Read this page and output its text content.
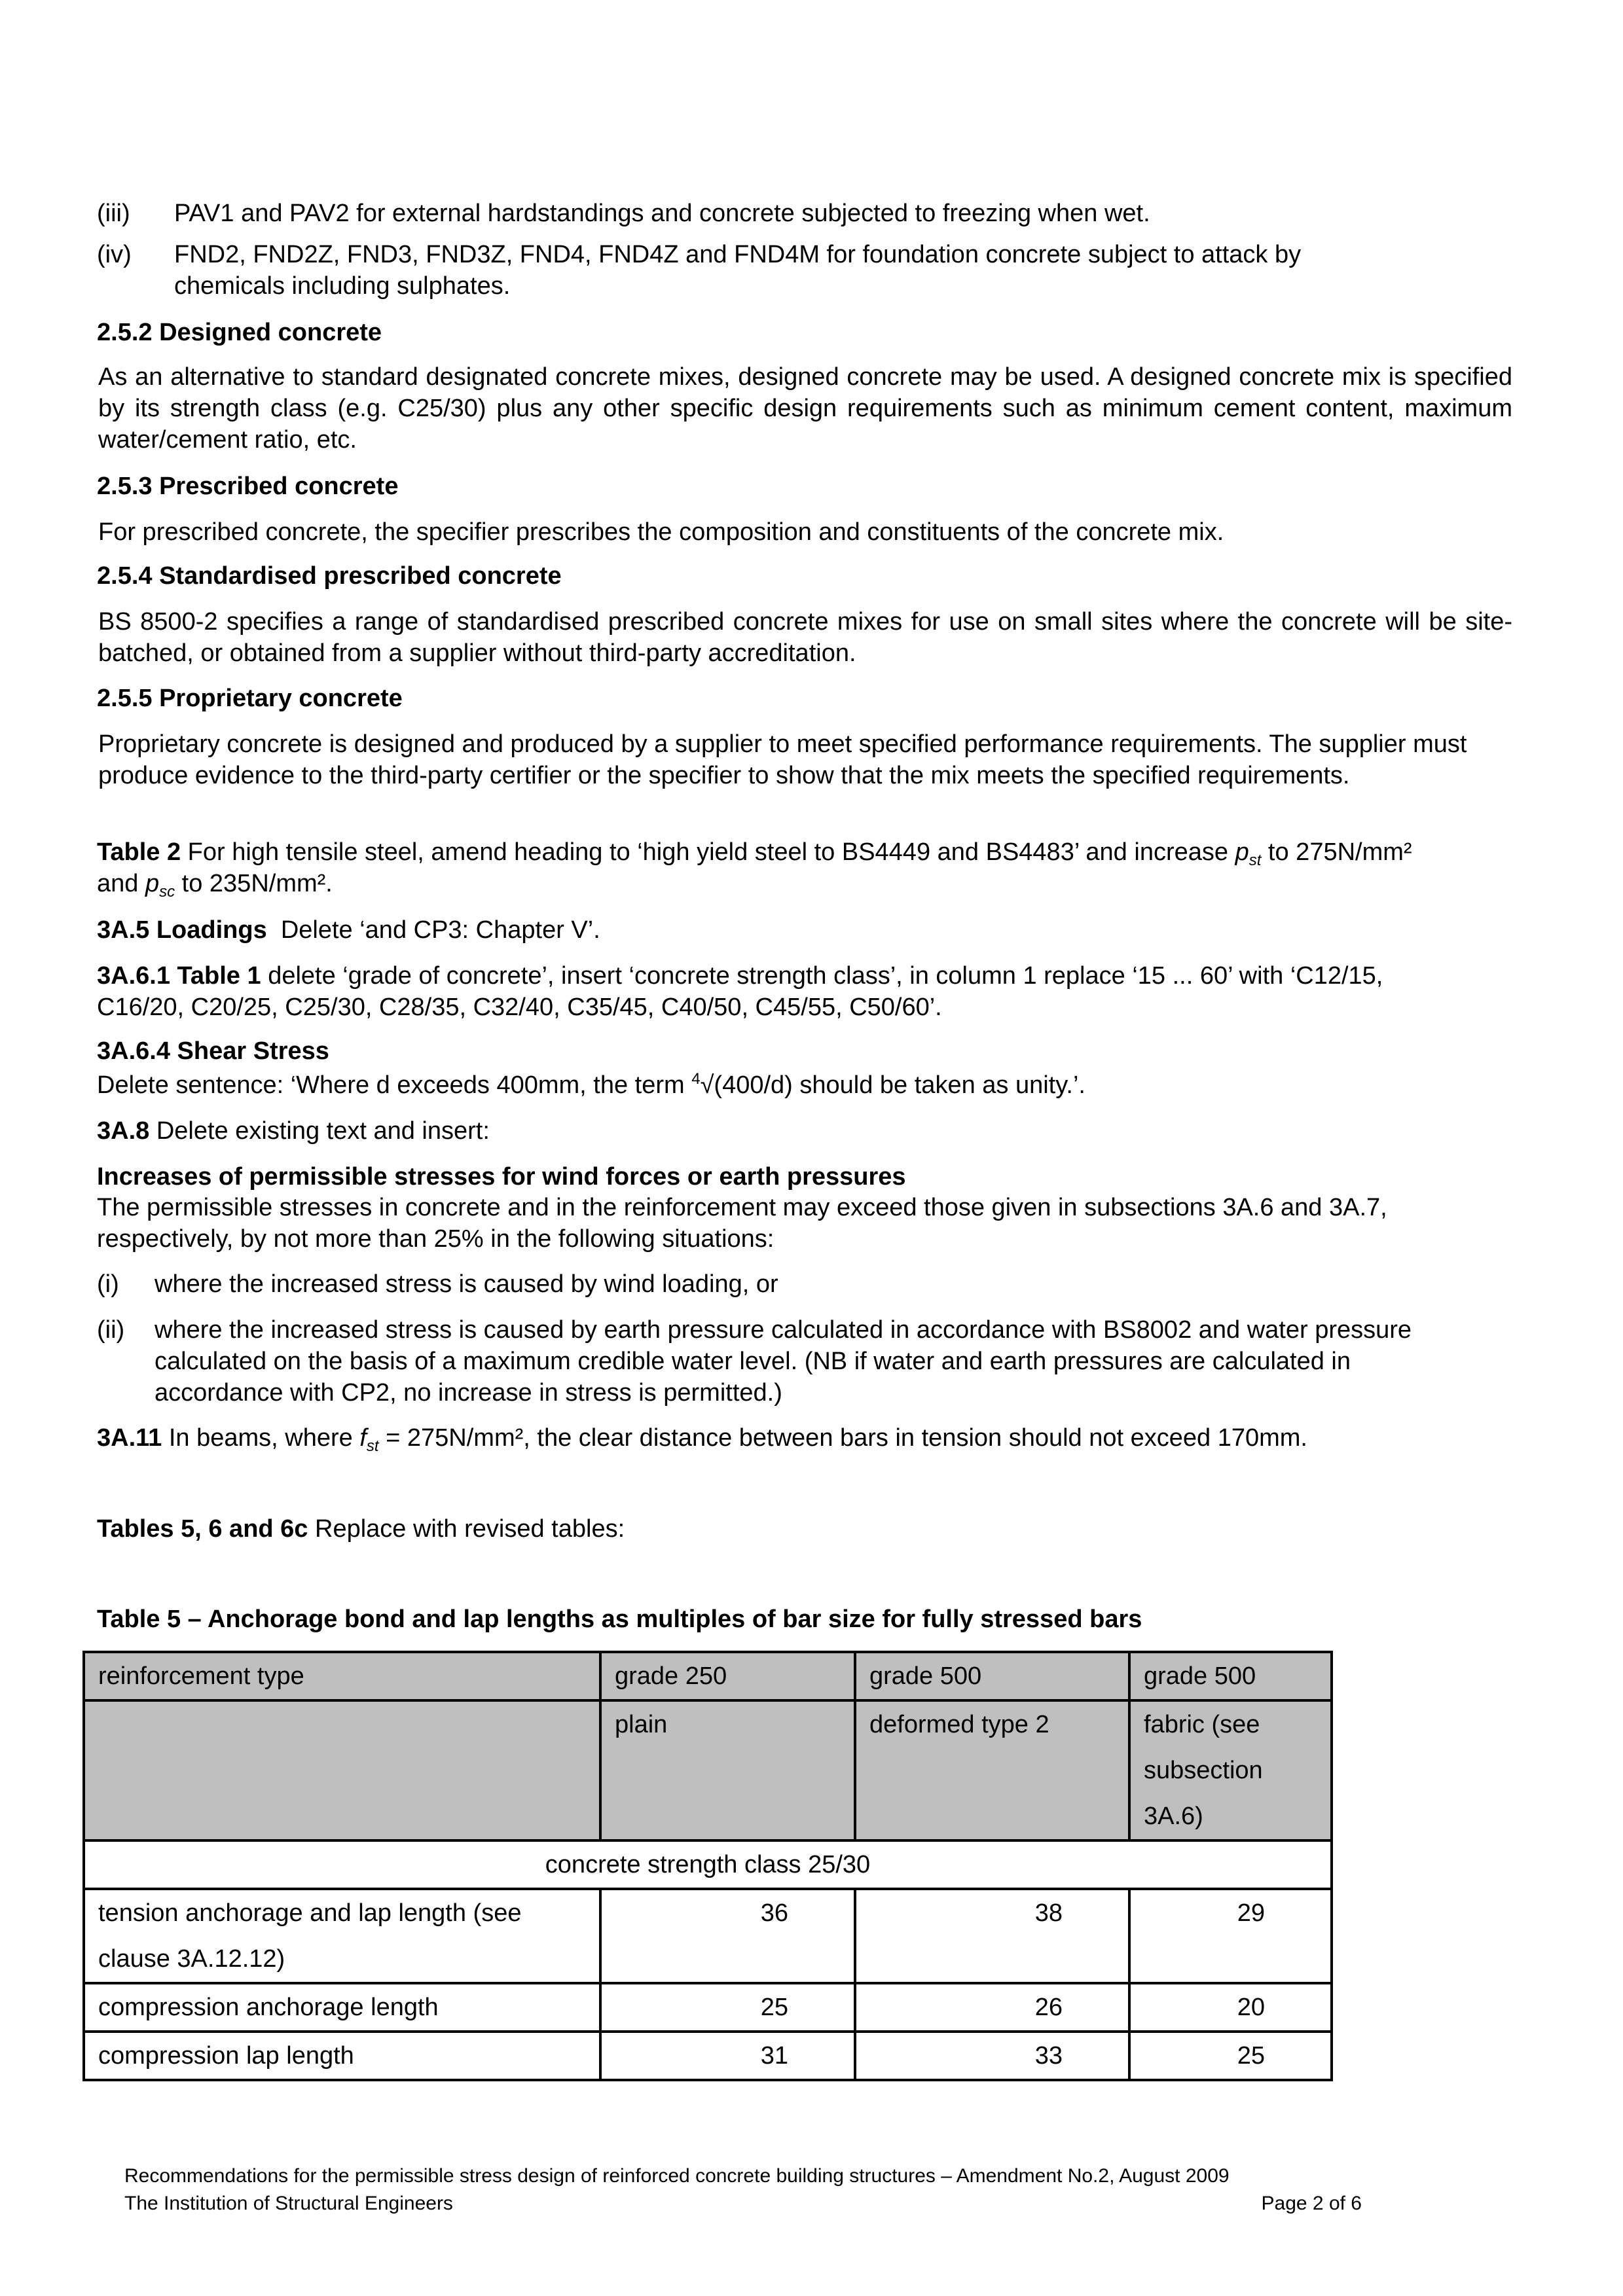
(iii) PAV1 and PAV2 for external hardstandings and concrete subjected to freezing when wet.
(iv) FND2, FND2Z, FND3, FND3Z, FND4, FND4Z and FND4M for foundation concrete subject to attack by chemicals including sulphates.
2.5.2 Designed concrete
As an alternative to standard designated concrete mixes, designed concrete may be used. A designed concrete mix is specified by its strength class (e.g. C25/30) plus any other specific design requirements such as minimum cement content, maximum water/cement ratio, etc.
2.5.3 Prescribed concrete
For prescribed concrete, the specifier prescribes the composition and constituents of the concrete mix.
2.5.4 Standardised prescribed concrete
BS 8500-2 specifies a range of standardised prescribed concrete mixes for use on small sites where the concrete will be site-batched, or obtained from a supplier without third-party accreditation.
2.5.5 Proprietary concrete
Proprietary concrete is designed and produced by a supplier to meet specified performance requirements. The supplier must produce evidence to the third-party certifier or the specifier to show that the mix meets the specified requirements.
Table 2 For high tensile steel, amend heading to ‘high yield steel to BS4449 and BS4483’ and increase $p_{st}$ to 275N/mm² and $p_{sc}$ to 235N/mm².
3A.5 Loadings  Delete ‘and CP3: Chapter V’.
3A.6.1 Table 1 delete ‘grade of concrete’, insert ‘concrete strength class’, in column 1 replace ‘15 ... 60’ with ‘C12/15, C16/20, C20/25, C25/30, C28/35, C32/40, C35/45, C40/50, C45/55, C50/60’.
3A.6.4 Shear Stress
Delete sentence: ‘Where d exceeds 400mm, the term $^4$√(400/d) should be taken as unity.’.
3A.8 Delete existing text and insert:
Increases of permissible stresses for wind forces or earth pressures
The permissible stresses in concrete and in the reinforcement may exceed those given in subsections 3A.6 and 3A.7, respectively, by not more than 25% in the following situations:
(i) where the increased stress is caused by wind loading, or
(ii) where the increased stress is caused by earth pressure calculated in accordance with BS8002 and water pressure calculated on the basis of a maximum credible water level. (NB if water and earth pressures are calculated in accordance with CP2, no increase in stress is permitted.)
3A.11 In beams, where $f_{st} = 275N/mm^2$, the clear distance between bars in tension should not exceed 170mm.
Tables 5, 6 and 6c Replace with revised tables:
Table 5 – Anchorage bond and lap lengths as multiples of bar size for fully stressed bars
reinforcement type	grade 250	grade 500	grade 500
	plain	deformed type 2	fabric (see subsection 3A.6)
concrete strength class 25/30			
tension anchorage and lap length (see clause 3A.12.12)	36	38	29
compression anchorage length	25	26	20
compression lap length	31	33	25
Recommendations for the permissible stress design of reinforced concrete building structures – Amendment No.2, August 2009
The Institution of Structural Engineers	Page 2 of 6
